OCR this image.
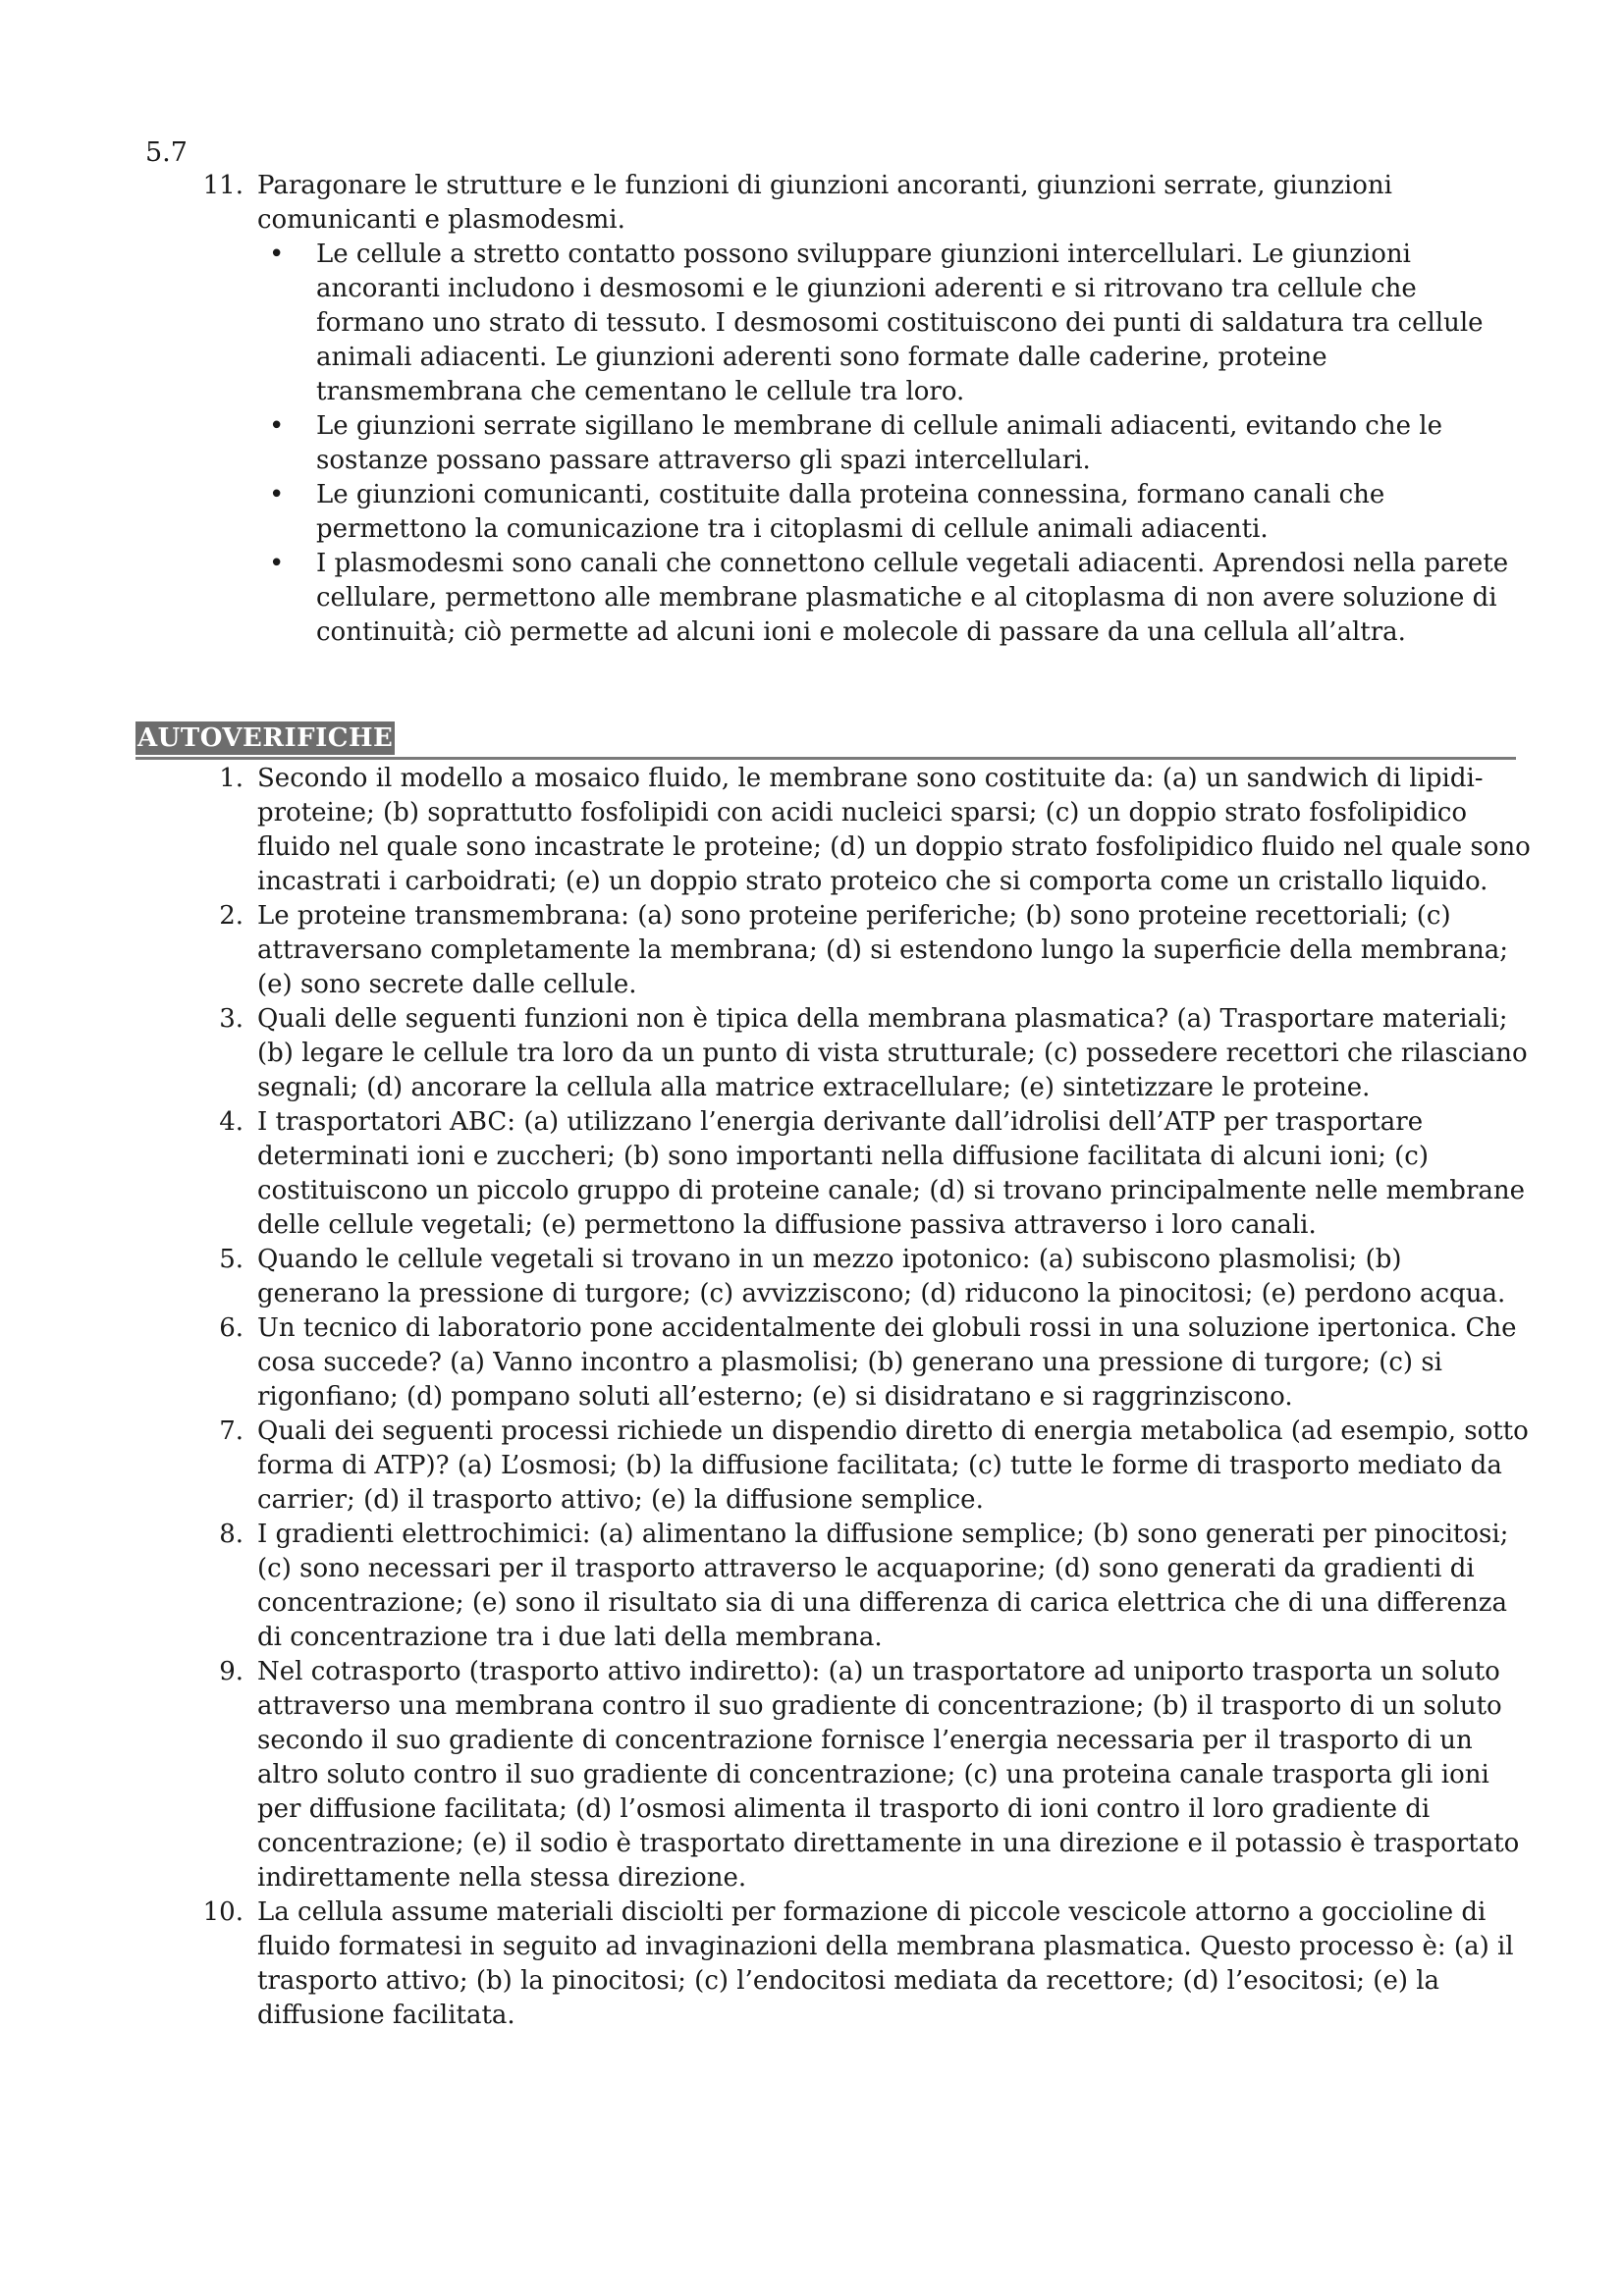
5.7
11. Paragonare le strutture e le funzioni di giunzioni ancoranti, giunzioni serrate, giunzioni comunicanti e plasmodesmi.
•	Le cellule a stretto contatto possono sviluppare giunzioni intercellulari. Le giunzioni ancoranti includono i desmosomi e le giunzioni aderenti e si ritrovano tra cellule che formano uno strato di tessuto. I desmosomi costituiscono dei punti di saldatura tra cellule animali adiacenti. Le giunzioni aderenti sono formate dalle caderine, proteine transmembrana che cementano le cellule tra loro.
•	Le giunzioni serrate sigillano le membrane di cellule animali adiacenti, evitando che le sostanze possano passare attraverso gli spazi intercellulari.
•	Le giunzioni comunicanti, costituite dalla proteina connessina, formano canali che permettono la comunicazione tra i citoplasmi di cellule animali adiacenti.
•	I plasmodesmi sono canali che connettono cellule vegetali adiacenti. Aprendosi nella parete cellulare, permettono alle membrane plasmatiche e al citoplasma di non avere soluzione di continuità; ciò permette ad alcuni ioni e molecole di passare da una cellula all’altra.
AUTOVERIFICHE
1. Secondo il modello a mosaico fluido, le membrane sono costituite da: (a) un sandwich di lipidi-proteine; (b) soprattutto fosfolipidi con acidi nucleici sparsi; (c) un doppio strato fosfolipidico fluido nel quale sono incastrate le proteine; (d) un doppio strato fosfolipidico fluido nel quale sono incastrati i carboidrati; (e) un doppio strato proteico che si comporta come un cristallo liquido.
2. Le proteine transmembrana: (a) sono proteine periferiche; (b) sono proteine recettoriali; (c) attraversano completamente la membrana; (d) si estendono lungo la superficie della membrana; (e) sono secrete dalle cellule.
3. Quali delle seguenti funzioni non è tipica della membrana plasmatica? (a) Trasportare materiali; (b) legare le cellule tra loro da un punto di vista strutturale; (c) possedere recettori che rilasciano segnali; (d) ancorare la cellula alla matrice extracellulare; (e) sintetizzare le proteine.
4. I trasportatori ABC: (a) utilizzano l’energia derivante dall’idrolisi dell’ATP per trasportare determinati ioni e zuccheri; (b) sono importanti nella diffusione facilitata di alcuni ioni; (c) costituiscono un piccolo gruppo di proteine canale; (d) si trovano principalmente nelle membrane delle cellule vegetali; (e) permettono la diffusione passiva attraverso i loro canali.
5. Quando le cellule vegetali si trovano in un mezzo ipotonico: (a) subiscono plasmolisi; (b) generano la pressione di turgore; (c) avvizziscono; (d) riducono la pinocitosi; (e) perdono acqua.
6. Un tecnico di laboratorio pone accidentalmente dei globuli rossi in una soluzione ipertonica. Che cosa succede? (a) Vanno incontro a plasmolisi; (b) generano una pressione di turgore; (c) si rigonfiano; (d) pompano soluti all’esterno; (e) si disidratano e si raggrinziscono.
7. Quali dei seguenti processi richiede un dispendio diretto di energia metabolica (ad esempio, sotto forma di ATP)? (a) L’osmosi; (b) la diffusione facilitata; (c) tutte le forme di trasporto mediato da carrier; (d) il trasporto attivo; (e) la diffusione semplice.
8. I gradienti elettrochimici: (a) alimentano la diffusione semplice; (b) sono generati per pinocitosi; (c) sono necessari per il trasporto attraverso le acquaporine; (d) sono generati da gradienti di concentrazione; (e) sono il risultato sia di una differenza di carica elettrica che di una differenza di concentrazione tra i due lati della membrana.
9. Nel cotrasporto (trasporto attivo indiretto): (a) un trasportatore ad uniporto trasporta un soluto attraverso una membrana contro il suo gradiente di concentrazione; (b) il trasporto di un soluto secondo il suo gradiente di concentrazione fornisce l’energia necessaria per il trasporto di un altro soluto contro il suo gradiente di concentrazione; (c) una proteina canale trasporta gli ioni per diffusione facilitata; (d) l’osmosi alimenta il trasporto di ioni contro il loro gradiente di concentrazione; (e) il sodio è trasportato direttamente in una direzione e il potassio è trasportato indirettamente nella stessa direzione.
10. La cellula assume materiali disciolti per formazione di piccole vescicole attorno a goccioline di fluido formatesi in seguito ad invaginazioni della membrana plasmatica. Questo processo è: (a) il trasporto attivo; (b) la pinocitosi; (c) l’endocitosi mediata da recettore; (d) l’esocitosi; (e) la diffusione facilitata.
